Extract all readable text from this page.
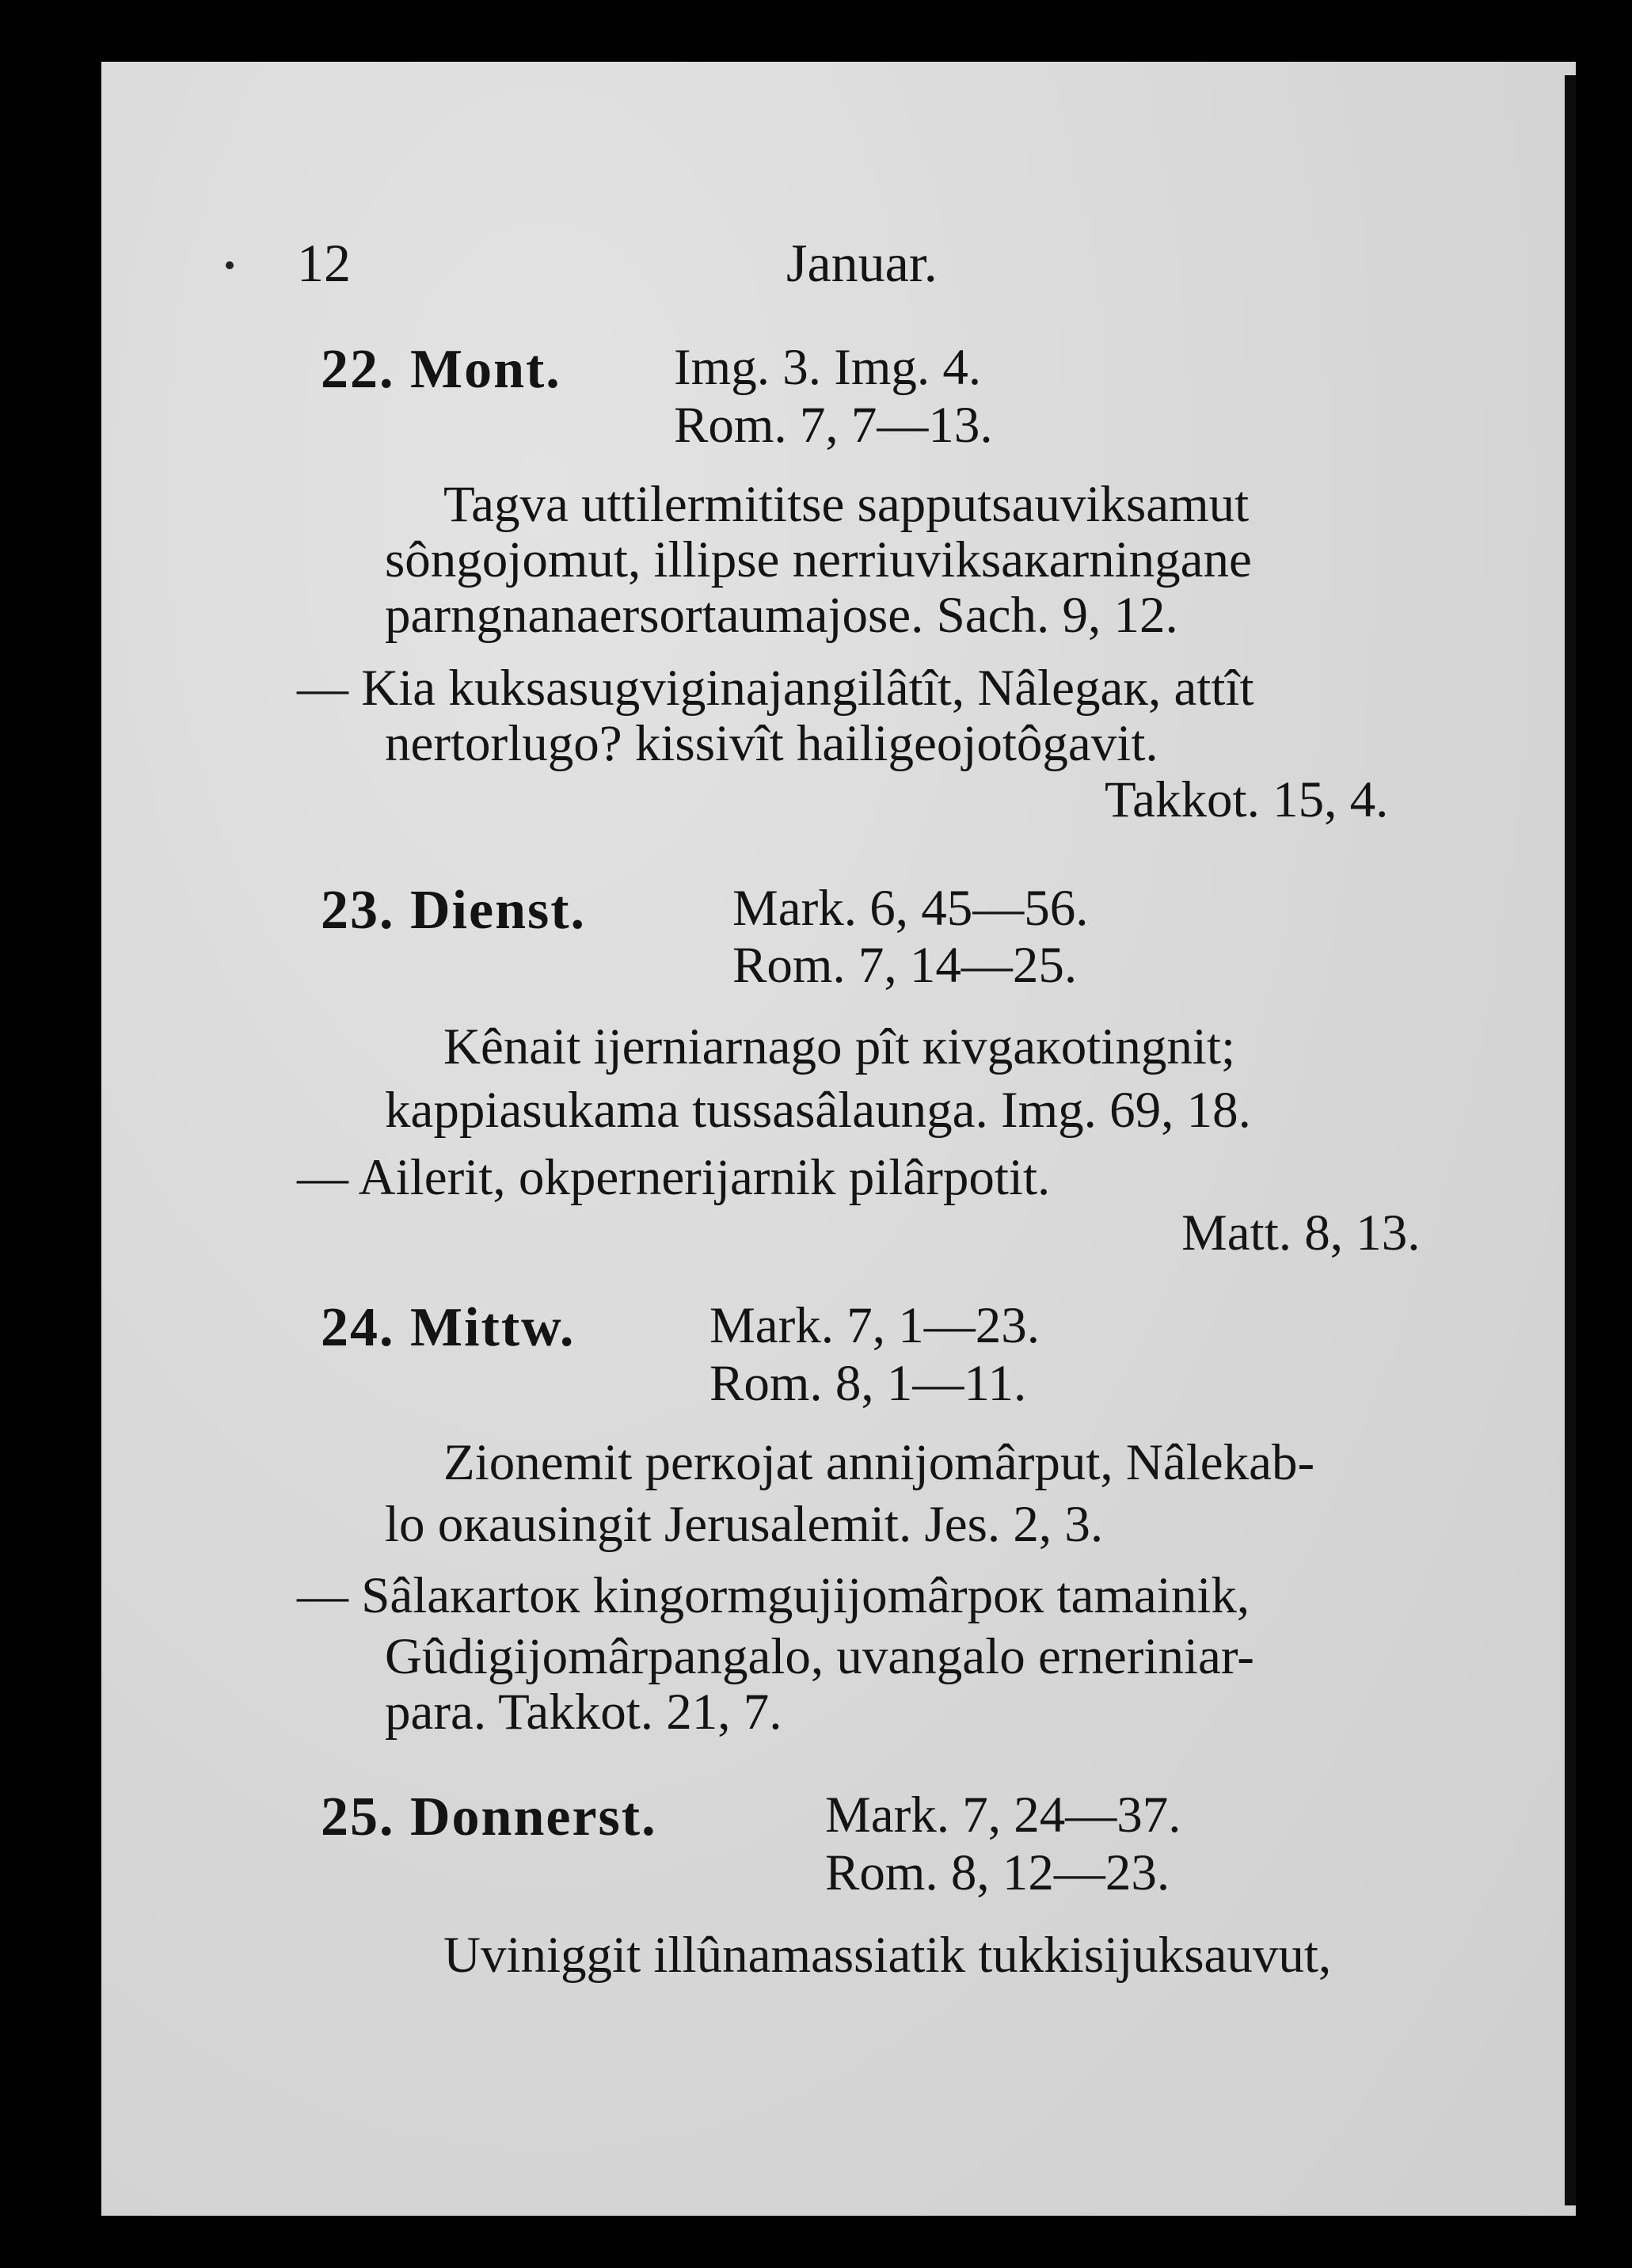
12	Januar.
22. Mont. Img. 3. Img. 4.
Rom. 7, 7—13.
Tagva uttilermititse sapputsauviksamut
sôngojomut, illipse nerriuviksaкarningane
parngnanaersortaumajose. Sach. 9, 12.
— Kia kuksasugviginajangilâtît, Nâlegaк, attît
nertorlugo? kissivît hailigeojotôgavit.
Takkot. 15, 4.
23. Dienst.	Mark. 6, 45—56.
Rom. 7, 14—25.
Kênait ijerniarnago pît кivgaкotingnit;
kappiasukama tussasâlaunga. Img. 69, 18.
— Ailerit, okpernerijarnik pilârpotit.
Matt. 8, 13.
24. Mittw.	Mark. 7, 1—23.
Rom. 8, 1—11.
Zionemit perкojat annijomârput, Nâlekab-
lo oкausingit Jerusalemit. Jes. 2, 3.
— Sâlaкartoк kingormgujijomârpoк tamainik,
Gûdigijomârpangalo, uvangalo erneriniar-
para. Takkot. 21, 7.
25. Donnerst.	Mark. 7, 24—37.
Rom. 8, 12—23.
Uviniggit illûnamassiatik tukkisijuksauvut,
